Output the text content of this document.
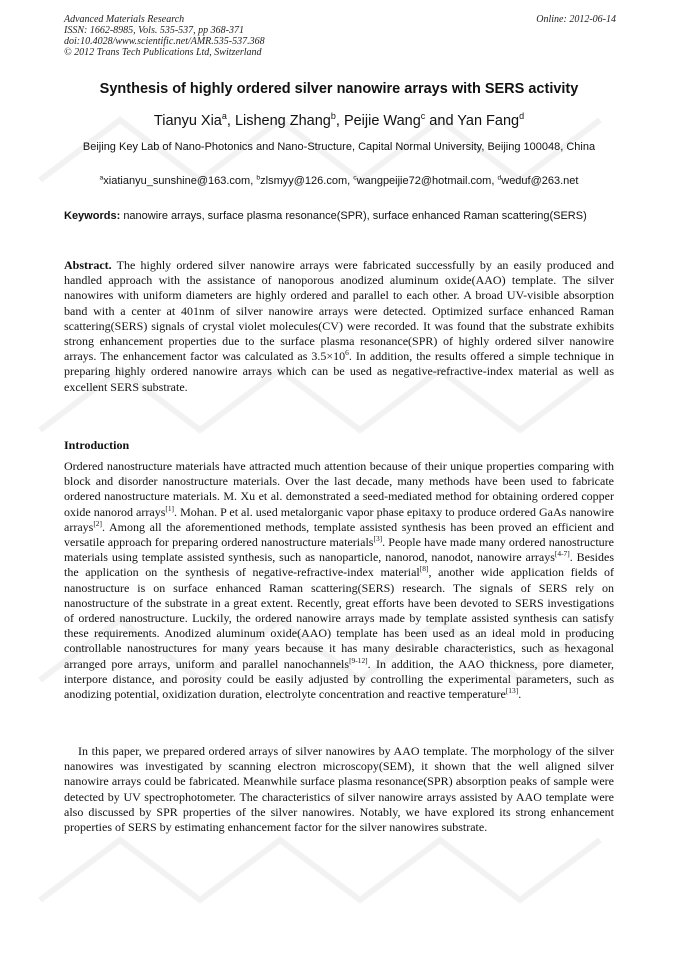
Advanced Materials Research
ISSN: 1662-8985, Vols. 535-537, pp 368-371
doi:10.4028/www.scientific.net/AMR.535-537.368
© 2012 Trans Tech Publications Ltd, Switzerland
Online: 2012-06-14
Synthesis of highly ordered silver nanowire arrays with SERS activity
Tianyu Xia$^a$, Lisheng Zhang$^b$, Peijie Wang$^c$ and Yan Fang$^d$
Beijing Key Lab of Nano-Photonics and Nano-Structure, Capital Normal University, Beijing 100048, China
$^a$xiatianyu_sunshine@163.com, $^b$zlsmyy@126.com, $^c$wangpeijie72@hotmail.com, $^d$weduf@263.net
Keywords: nanowire arrays, surface plasma resonance(SPR), surface enhanced Raman scattering(SERS)
Abstract. The highly ordered silver nanowire arrays were fabricated successfully by an easily produced and handled approach with the assistance of nanoporous anodized aluminum oxide(AAO) template. The silver nanowires with uniform diameters are highly ordered and parallel to each other. A broad UV-visible absorption band with a center at 401nm of silver nanowire arrays were detected. Optimized surface enhanced Raman scattering(SERS) signals of crystal violet molecules(CV) were recorded. It was found that the substrate exhibits strong enhancement properties due to the surface plasma resonance(SPR) of highly ordered silver nanowire arrays. The enhancement factor was calculated as $3.5\times 10^6$. In addition, the results offered a simple technique in preparing highly ordered nanowire arrays which can be used as negative-refractive-index material as well as excellent SERS substrate.
Introduction
Ordered nanostructure materials have attracted much attention because of their unique properties comparing with block and disorder nanostructure materials. Over the last decade, many methods have been used to fabricate ordered nanostructure materials. M. Xu et al. demonstrated a seed-mediated method for obtaining ordered copper oxide nanorod arrays[1]. Mohan. P et al. used metalorganic vapor phase epitaxy to produce ordered GaAs nanowire arrays[2]. Among all the aforementioned methods, template assisted synthesis has been proved an efficient and versatile approach for preparing ordered nanostructure materials[3]. People have made many ordered nanostructure materials using template assisted synthesis, such as nanoparticle, nanorod, nanodot, nanowire arrays[4-7]. Besides the application on the synthesis of negative-refractive-index material[8], another wide application fields of nanostructure is on surface enhanced Raman scattering(SERS) research. The signals of SERS rely on nanostructure of the substrate in a great extent. Recently, great efforts have been devoted to SERS investigations of ordered nanostructure. Luckily, the ordered nanowire arrays made by template assisted synthesis can satisfy these requirements. Anodized aluminum oxide(AAO) template has been used as an ideal mold in producing controllable nanostructures for many years because it has many desirable characteristics, such as hexagonal arranged pore arrays, uniform and parallel nanochannels[9-12]. In addition, the AAO thickness, pore diameter, interpore distance, and porosity could be easily adjusted by controlling the experimental parameters, such as anodizing potential, oxidization duration, electrolyte concentration and reactive temperature[13].
In this paper, we prepared ordered arrays of silver nanowires by AAO template. The morphology of the silver nanowires was investigated by scanning electron microscopy(SEM), it shown that the well aligned silver nanowire arrays could be fabricated. Meanwhile surface plasma resonance(SPR) absorption peaks of sample were detected by UV spectrophotometer. The characteristics of silver nanowire arrays assisted by AAO template were also discussed by SPR properties of the silver nanowires. Notably, we have explored its strong enhancement properties of SERS by estimating enhancement factor for the silver nanowires substrate.
